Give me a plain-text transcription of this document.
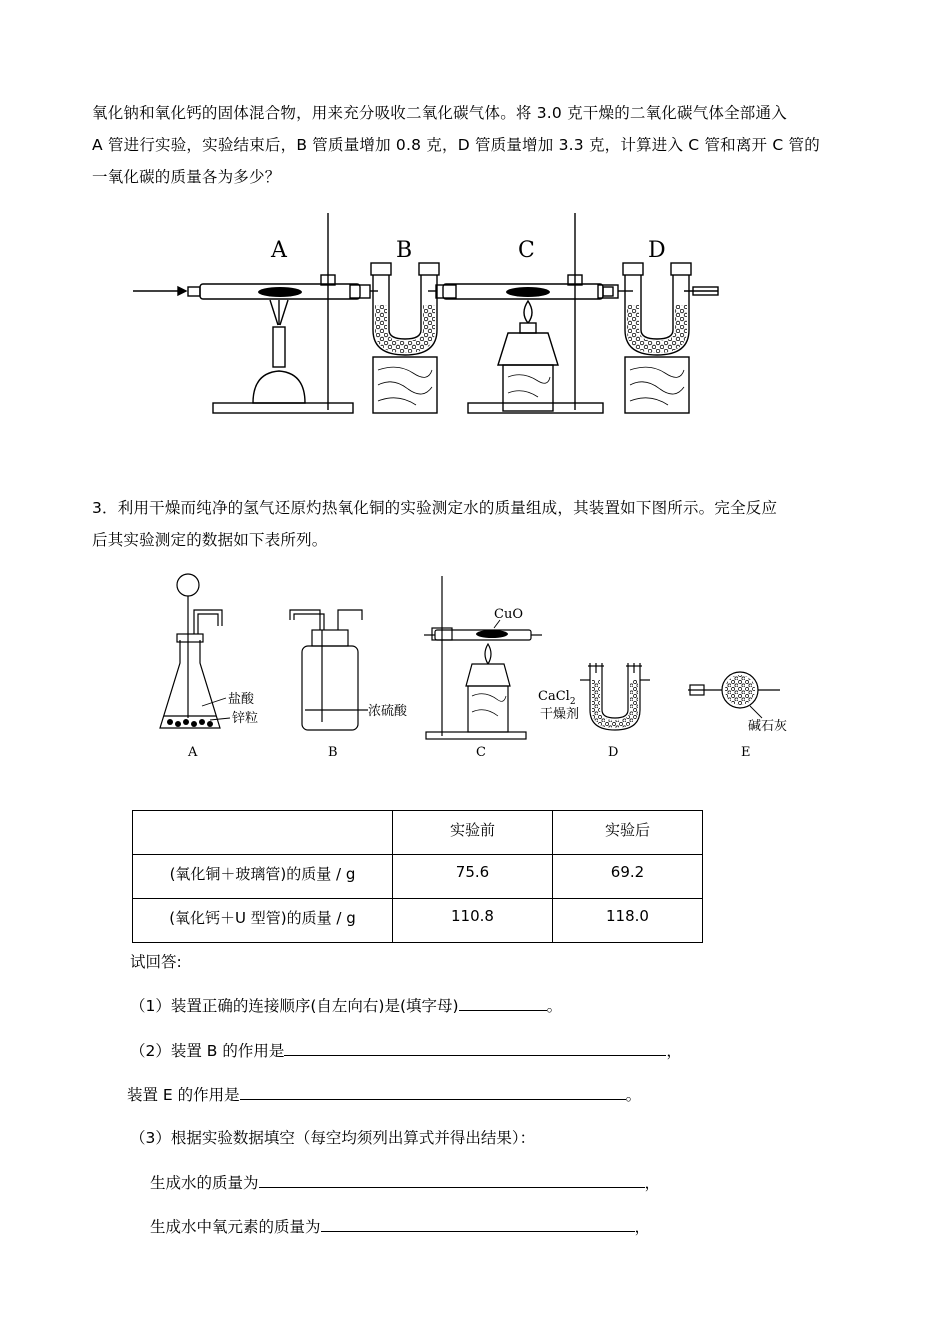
氧化钠和氧化钙的固体混合物，用来充分吸收二氧化碳气体。将 3.0 克干燥的二氧化碳气体全部通入
A 管进行实验，实验结束后，B 管质量增加 0.8 克，D 管质量增加 3.3 克，计算进入 C 管和离开 C 管的
一氧化碳的质量各为多少？
A	B	C	D
3．利用干燥而纯净的氢气还原灼热氧化铜的实验测定水的质量组成，其装置如下图所示。完全反应
后其实验测定的数据如下表所列。
盐酸
锌粒	浓硫酸
CuO
CaCl$_2$
干燥剂
碱石灰
A	B	C	D	E
	实验前	实验后
(氧化铜＋玻璃管)的质量 / g	75.6	69.2
(氧化钙＋U 型管)的质量 / g	110.8	118.0
试回答:
（1）装置正确的连接顺序(自左向右)是(填字母)	。
（2）装置 B 的作用是	，
装置 E 的作用是	。
（3）根据实验数据填空（每空均须列出算式并得出结果）：
生成水的质量为	，
生成水中氧元素的质量为	，
